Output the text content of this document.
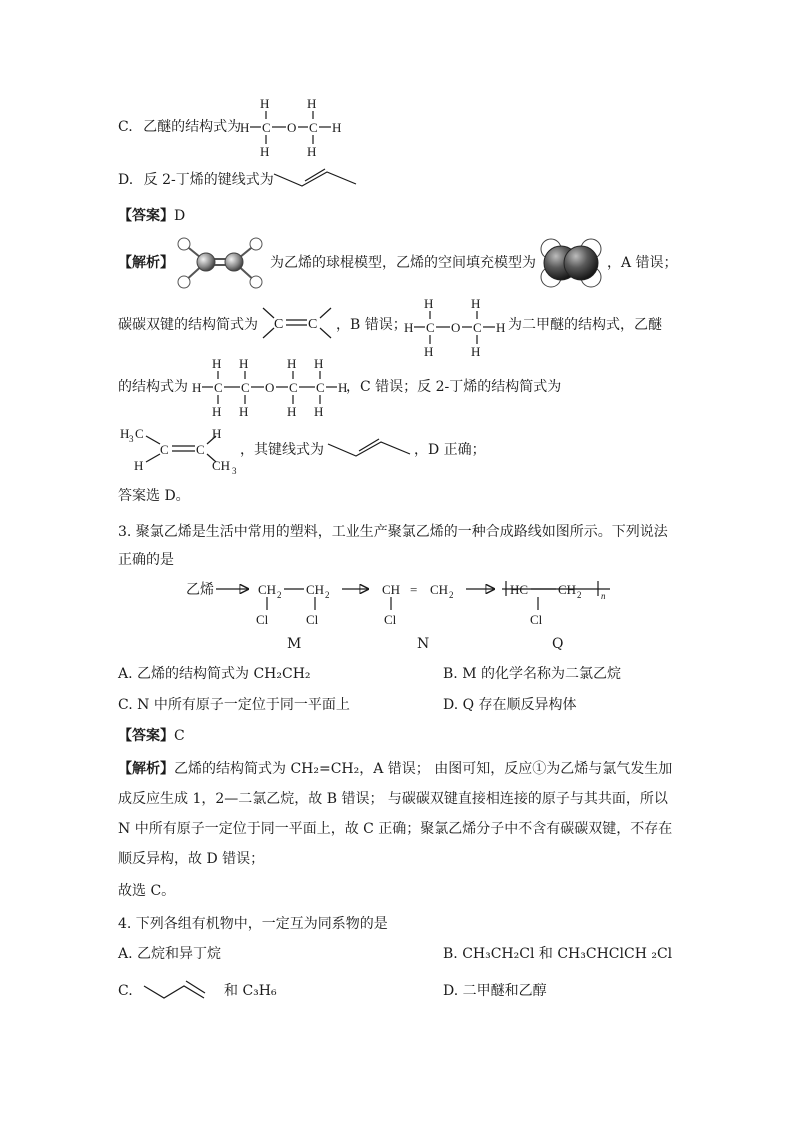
C. 乙醚的结构式为
H	H
H C O C H
H	H
D. 反 2-丁烯的键线式为
【答案】D
【解析】	为乙烯的球棍模型，乙烯的空间填充模型为	，A 错误；
碳碳双键的结构简式为 C C ，B 错误；
H	H
H C O C H
H	H
为二甲醚的结构式，乙醚
的结构式为
H H	H H
H C C O C C H
H H	H H
，C 错误；反 2-丁烯的结构简式为
H 3 C
C C
H
H	CH 3
，其键线式为	，D 正确；
答案选 D。
3. 聚氯乙烯是生活中常用的塑料，工业生产聚氯乙烯的一种合成路线如图所示。下列说法
正确的是
乙烯	CH 2 CH 2
Cl	Cl
CH = CH 2
Cl
HC CH 2
Cl
n
M	N	Q
A. 乙烯的结构简式为 CH₂CH₂	B. M 的化学名称为二氯乙烷
C. N 中所有原子一定位于同一平面上	D. Q 存在顺反异构体
【答案】C
【解析】乙烯的结构简式为 CH₂=CH₂，A 错误； 由图可知，反应①为乙烯与氯气发生加成反应生成 1，2—二氯乙烷，故 B 错误； 与碳碳双键直接相连接的原子与其共面，所以 N 中所有原子一定位于同一平面上，故 C 正确；聚氯乙烯分子中不含有碳碳双键，不存在顺反异构，故 D 错误；
故选 C。
4. 下列各组有机物中，一定互为同系物的是
A. 乙烷和异丁烷	B. CH₃CH₂Cl 和 CH₃CHClCH ₂Cl
C.	和 C₃H₆	D. 二甲醚和乙醇
